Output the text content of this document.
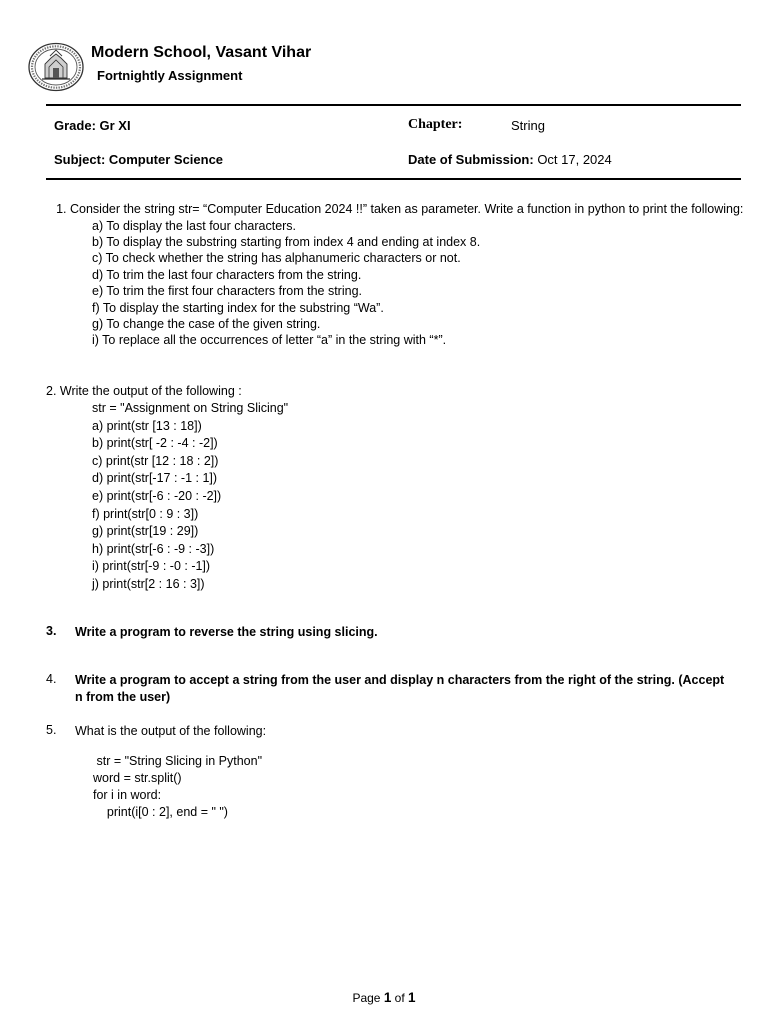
Modern School, Vasant Vihar
Fortnightly Assignment
Grade: Gr XI	Chapter:	String
Subject: Computer Science	Date of Submission: Oct 17, 2024
1. Consider the string str= “Computer Education 2024 !!” taken as parameter. Write a function in python to print the following:
a) To display the last four characters.
b) To display the substring starting from index 4 and ending at index 8.
c) To check whether the string has alphanumeric characters or not.
d) To trim the last four characters from the string.
e) To trim the first four characters from the string.
f) To display the starting index for the substring “Wa”.
g) To change the case of the given string.
i) To replace all the occurrences of letter “a” in the string with “*”.
2. Write the output of the following :
str = "Assignment on String Slicing"
a) print(str [13 : 18])
b) print(str[ -2 : -4 : -2])
c) print(str [12 : 18 : 2])
d) print(str[-17 : -1 : 1])
e) print(str[-6 : -20 : -2])
f) print(str[0 : 9 : 3])
g) print(str[19 : 29])
h) print(str[-6 : -9 : -3])
i) print(str[-9 : -0 : -1])
j) print(str[2 : 16 : 3])
3. Write a program to reverse the string using slicing.
4. Write a program to accept a string from the user and display n characters from the right of the string. (Accept n from the user)
5. What is the output of the following:
str = "String Slicing in Python"
word = str.split()
for i in word:
print(i[0 : 2], end = " ")
Page 1 of 1
